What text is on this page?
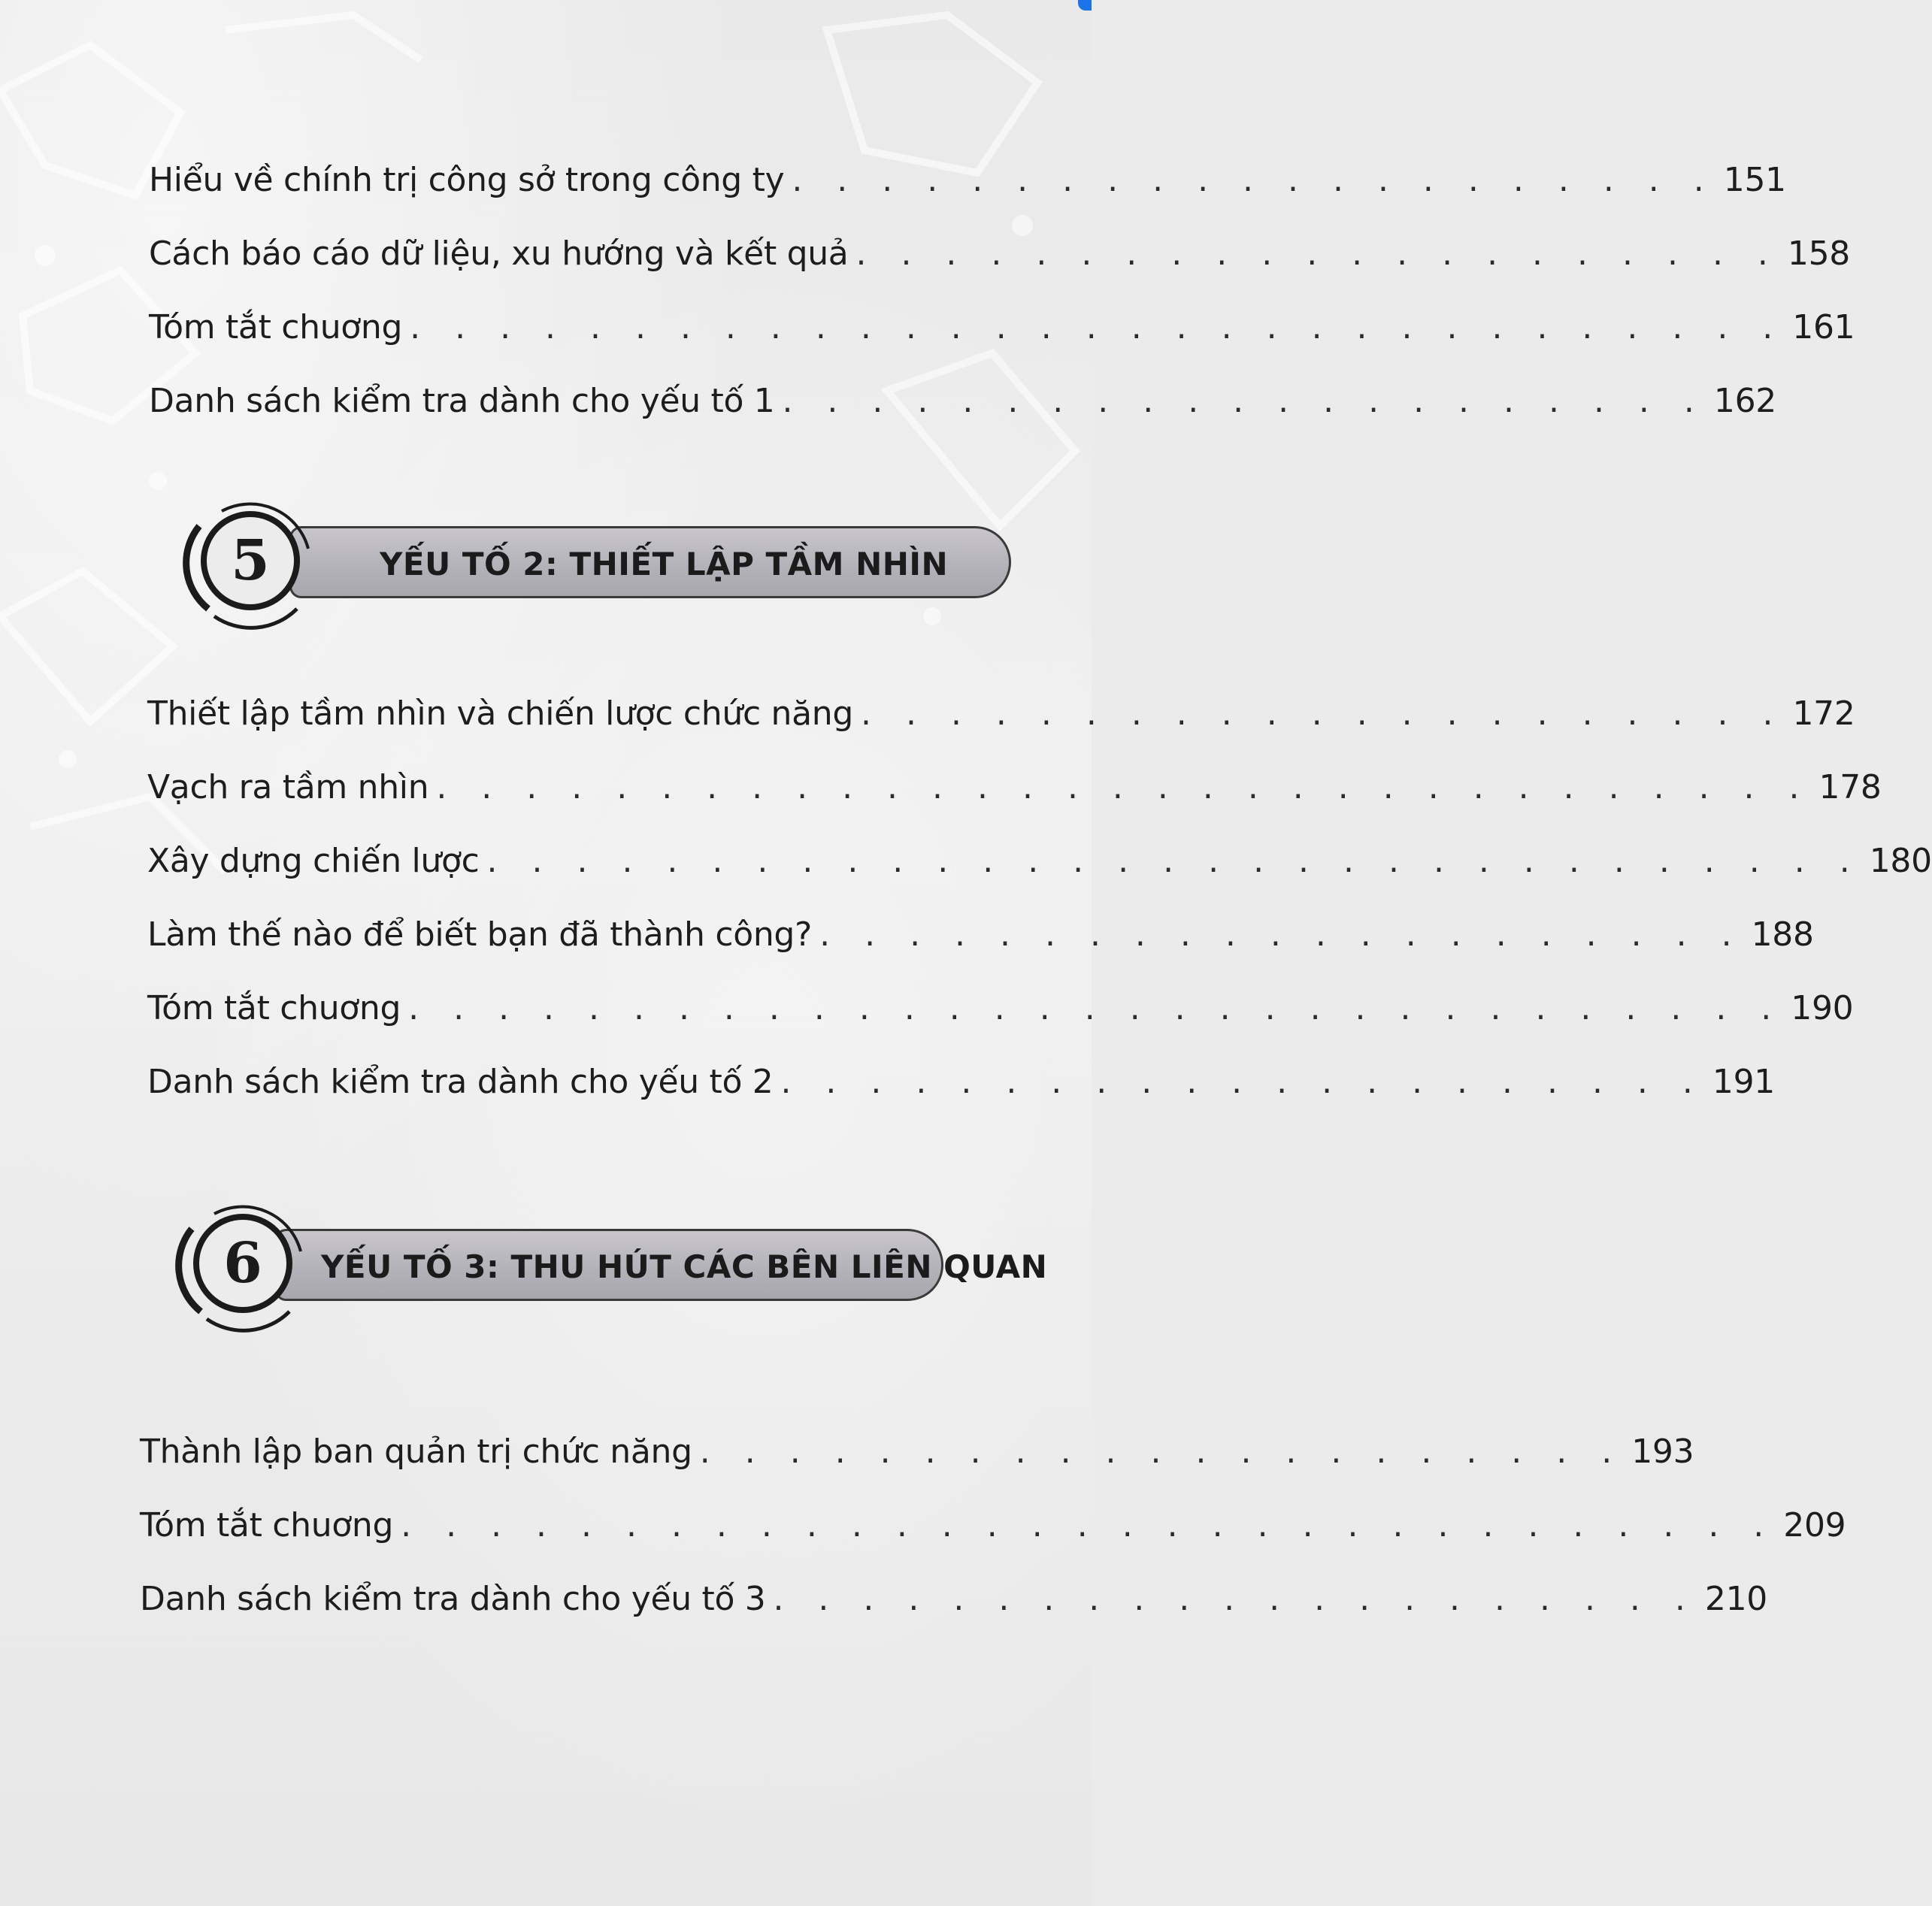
Hiểu về chính trị công sở trong công ty . . . . . . . . . . . . . . . . . . . . . 151
Cách báo cáo dữ liệu, xu hướng và kết quả . . . . . . . . . . . . . . . . . . . . . 158
Tóm tắt chuơng . . . . . . . . . . . . . . . . . . . . . . . . . . . . . . . 161
Danh sách kiểm tra dành cho yếu tố 1 . . . . . . . . . . . . . . . . . . . . . 162
5	YẾU TỐ 2: THIẾT LẬP TẦM NHÌN
Thiết lập tầm nhìn và chiến lược chức năng . . . . . . . . . . . . . . . . . . . . . 172
Vạch ra tầm nhìn . . . . . . . . . . . . . . . . . . . . . . . . . . . . . . . 178
Xây dựng chiến lược . . . . . . . . . . . . . . . . . . . . . . . . . . . . . . . 180
Làm thế nào để biết bạn đã thành công? . . . . . . . . . . . . . . . . . . . . . 188
Tóm tắt chuơng . . . . . . . . . . . . . . . . . . . . . . . . . . . . . . . 190
Danh sách kiểm tra dành cho yếu tố 2 . . . . . . . . . . . . . . . . . . . . . 191
6	YẾU TỐ 3: THU HÚT CÁC BÊN LIÊN QUAN
Thành lập ban quản trị chức năng . . . . . . . . . . . . . . . . . . . . . 193
Tóm tắt chuơng . . . . . . . . . . . . . . . . . . . . . . . . . . . . . . . 209
Danh sách kiểm tra dành cho yếu tố 3 . . . . . . . . . . . . . . . . . . . . . 210
